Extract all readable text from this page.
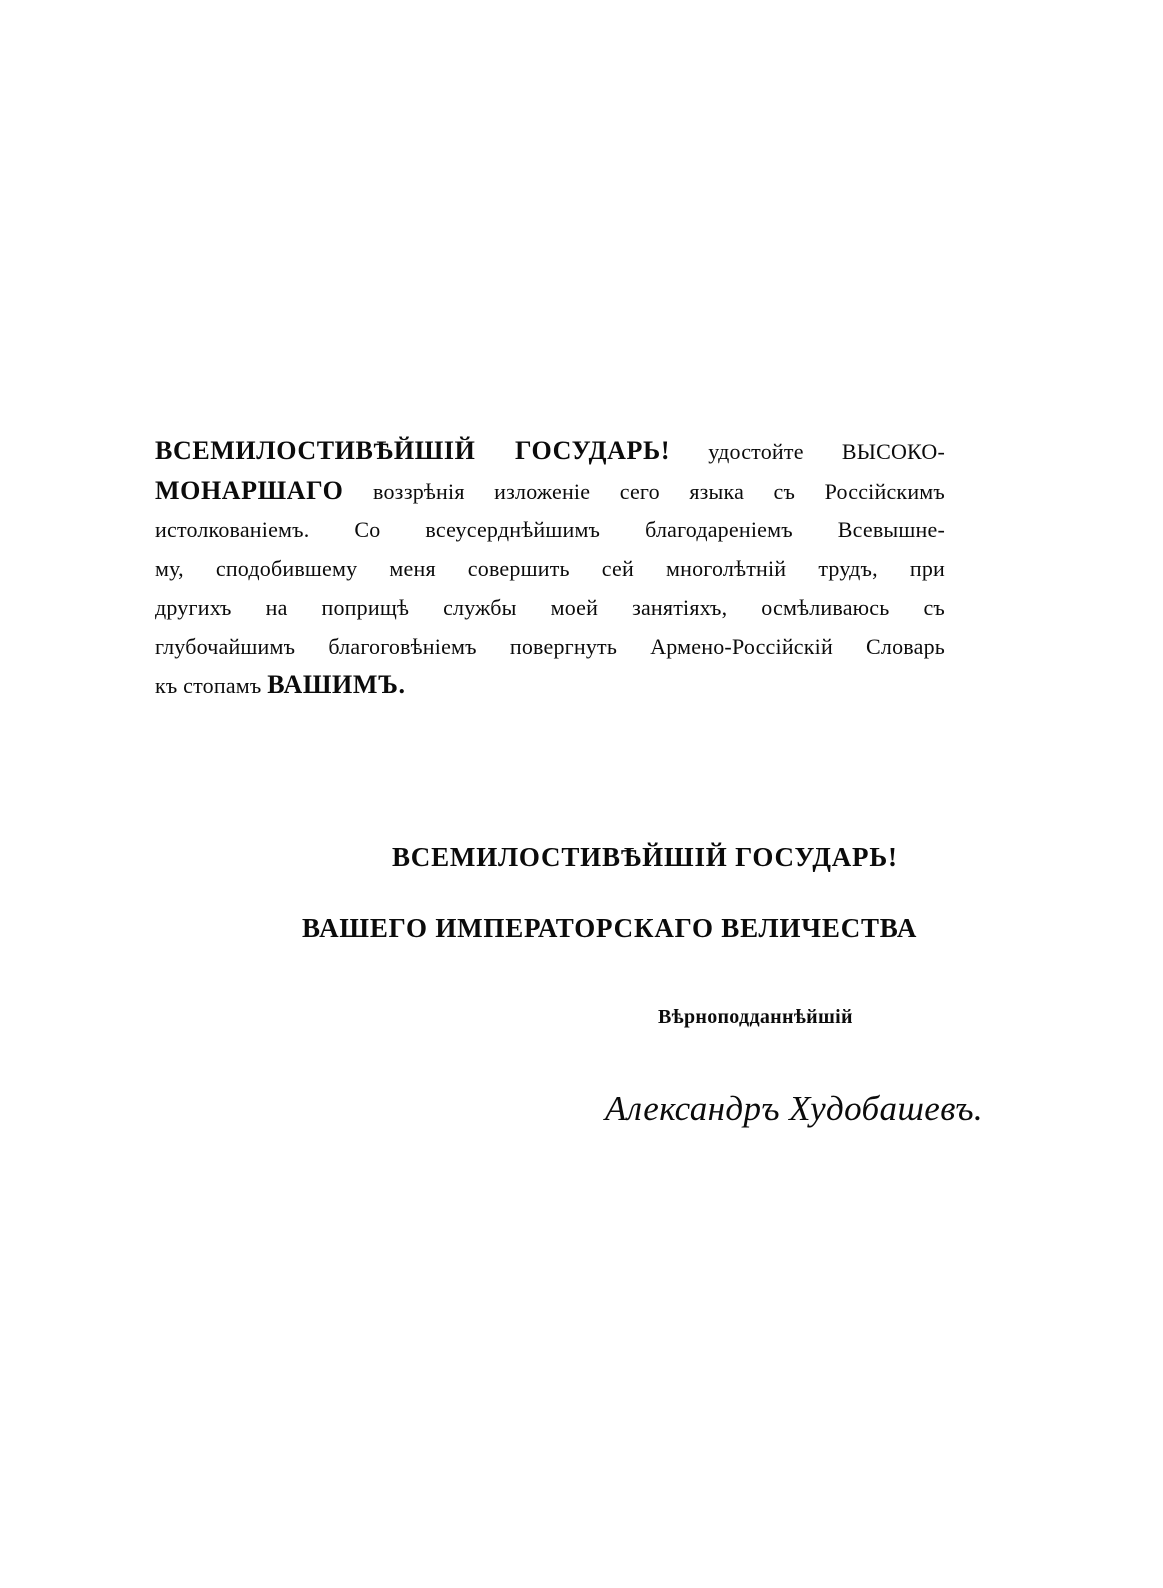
ВСЕМИЛОСТИВѢЙШІЙ ГОСУДАРЬ! удостойте ВЫСОКО-
МОНАРШАГО воззрѣнія изложеніе сего языка съ Россійскимъ
истолкованіемъ. Со всеусерднѣйшимъ благодареніемъ Всевышне-
му, сподобившему меня совершить сей многолѣтній трудъ, при
другихъ на поприщѣ службы моей занятіяхъ, осмѣливаюсь съ
глубочайшимъ благоговѣніемъ повергнуть Армено-Россійскій Словарь
къ стопамъ ВАШИМЪ.
ВСЕМИЛОСТИВѢЙШІЙ ГОСУДАРЬ!
ВАШЕГО ИМПЕРАТОРСКАГО ВЕЛИЧЕСТВА
Вѣрноподданнѣйшій
Александръ Худобашевъ.
